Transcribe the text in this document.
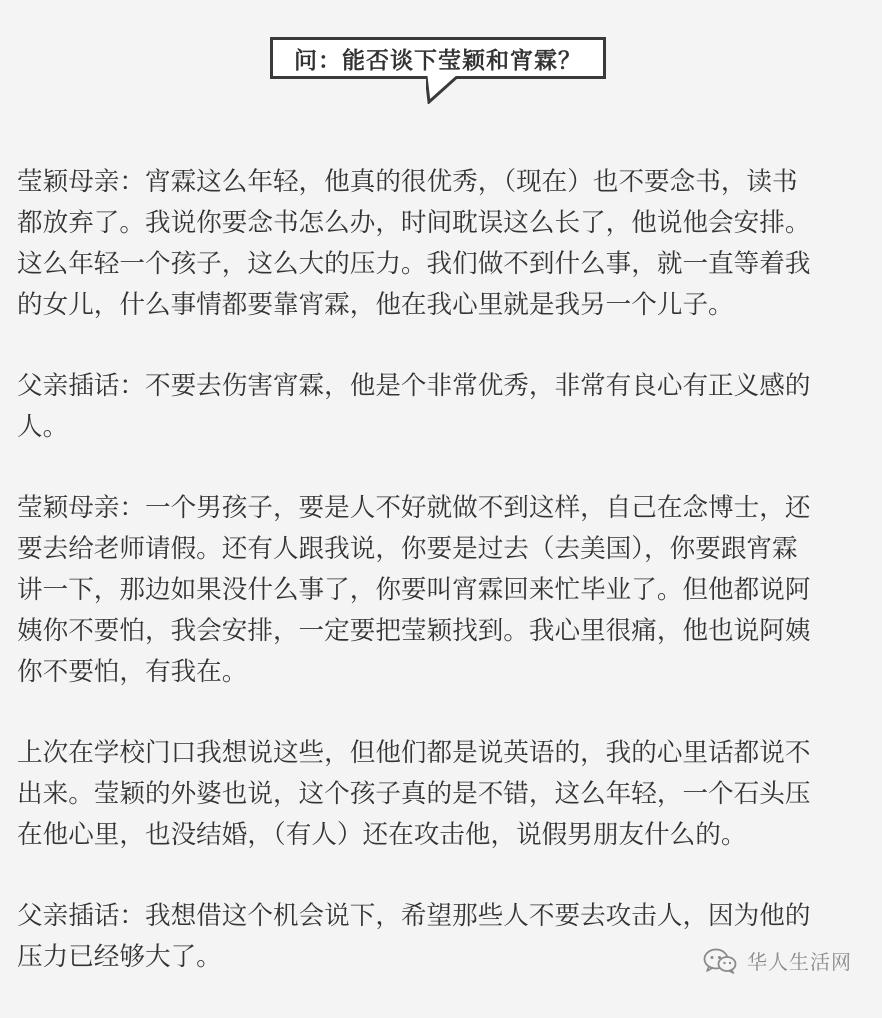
问：能否谈下莹颖和宵霖？

莹颖母亲：宵霖这么年轻，他真的很优秀，（现在）也不要念书，读书
都放弃了。我说你要念书怎么办，时间耽误这么长了，他说他会安排。
这么年轻一个孩子，这么大的压力。我们做不到什么事，就一直等着我
的女儿，什么事情都要靠宵霖，他在我心里就是我另一个儿子。

父亲插话：不要去伤害宵霖，他是个非常优秀，非常有良心有正义感的
人。

莹颖母亲：一个男孩子，要是人不好就做不到这样，自己在念博士，还
要去给老师请假。还有人跟我说，你要是过去（去美国），你要跟宵霖
讲一下，那边如果没什么事了，你要叫宵霖回来忙毕业了。但他都说阿
姨你不要怕，我会安排，一定要把莹颖找到。我心里很痛，他也说阿姨
你不要怕，有我在。

上次在学校门口我想说这些，但他们都是说英语的，我的心里话都说不
出来。莹颖的外婆也说，这个孩子真的是不错，这么年轻，一个石头压
在他心里，也没结婚，（有人）还在攻击他，说假男朋友什么的。

父亲插话：我想借这个机会说下，希望那些人不要去攻击人，因为他的
压力已经够大了。	华人生活网
